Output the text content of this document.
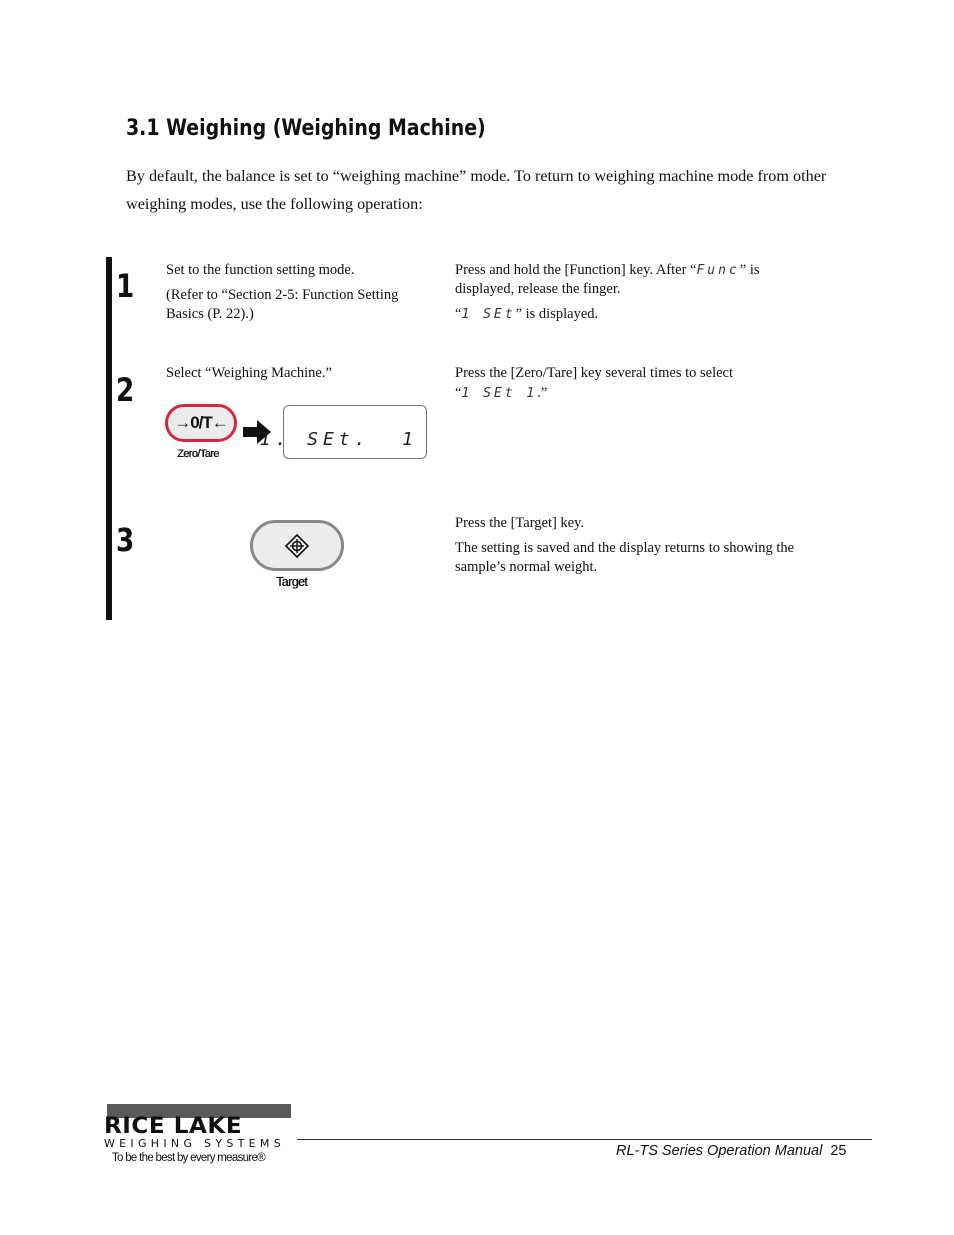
3.1 Weighing (Weighing Machine)
By default, the balance is set to “weighing machine” mode. To return to weighing machine mode from other weighing modes, use the following operation:
1 Set to the function setting mode.

(Refer to “Section 2-5: Function Setting Basics (P. 22).)

Press and hold the [Function] key. After “Func” is displayed, release the finger.

“1 SEt” is displayed.

2 Select “Weighing Machine.”	Press the [Zero/Tare] key several times to select

“1 SEt 1.”

→0/T←
Zero/Tare
1. SEt.  1
3
Target

Press the [Target] key.

The setting is saved and the display returns to showing the sample’s normal weight.

RICE LAKE
WEIGHING SYSTEMS
To be the best by every measure®	RL-TS Series Operation Manual 25
